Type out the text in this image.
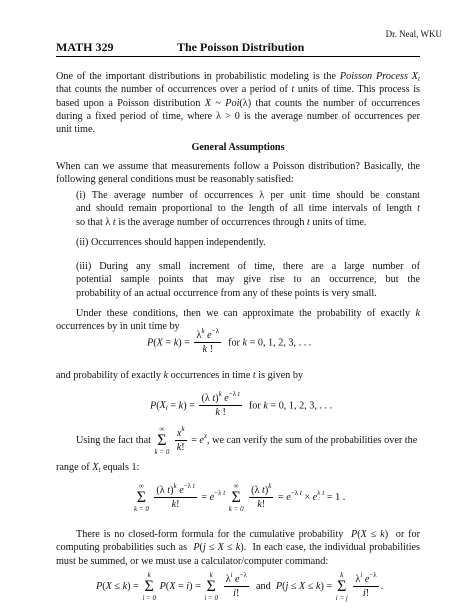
Dr. Neal, WKU
MATH 329	The Poisson Distribution
One of the important distributions in probabilistic modeling is the Poisson Process $X_t$
that counts the number of occurrences over a period of t units of time. This process is
based upon a Poisson distribution X ~ Poi(λ) that counts the number of occurrences
during a fixed period of time, where λ > 0 is the average number of occurrences per
unit time.
General Assumptions
When can we assume that measurements follow a Poisson distribution? Basically, the
following general conditions must be reasonably satisfied:
(i) The average number of occurrences λ per unit time should be constant
and should remain proportional to the length of all time intervals of length t
so that λ t is the average number of occurrences through t units of time.
(ii) Occurrences should happen independently.
(iii) During any small increment of time, there are a large number of
potential sample points that may give rise to an occurrence, but the
probability of an actual occurrence from any of these points is very small.
Under these conditions, then we can approximate the probability of exactly k
occurrences by in unit time by
$P(X = k) = \frac{\lambda^k e^{-\lambda}}{k !}$ for k = 0, 1, 2, 3, . . .
and probability of exactly k occurrences in time t is given by
$P(X_t = k) = \frac{(\lambda t)^k e^{-\lambda t}}{k !}$ for k = 0, 1, 2, 3, . . .
Using the fact that
∞
Σ
k = 0
$\frac{x^k}{k!} = e^x$, we can verify the sum of the probabilities over the
range of $X_t$ equals 1:
∞
Σ
k = 0
$\frac{(\lambda t)^k e^{-\lambda t}}{k!} = e^{-\lambda t}$
∞
Σ
k = 0
$\frac{(\lambda t)^k}{k!} = e^{-\lambda t} \times e^{\lambda t} = 1$ .
There is no closed-form formula for the cumulative probability  P(X ≤ k)  or for
computing probabilities such as  P(j ≤ X ≤ k).  In each case, the individual probabilities
must be summed, or we must use a calculator/computer command:
P(X ≤ k) =
k
Σ
i = 0
P(X = i) =
k
Σ
i = 0
$\frac{\lambda^i e^{-\lambda}}{i!}$ and P(j ≤ X ≤ k) =
k
Σ
i = j
$\frac{\lambda^i e^{-\lambda}}{i!}$ .
